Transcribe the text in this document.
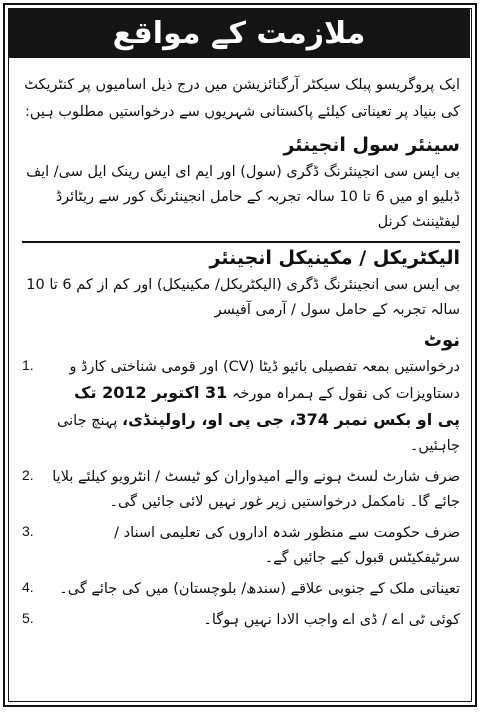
ملازمت کے مواقع

ایک پروگریسو پبلک سیکٹر آرگنائزیشن میں درج ذیل اسامیوں پر کنٹریکٹ کی بنیاد پر تعیناتی کیلئے پاکستانی شہریوں سے درخواستیں مطلوب ہیں:

سینئر سول انجینئر

بی ایس سی انجینئرنگ ڈگری (سول) اور ایم ای ایس رینک ایل سی/ ایف ڈبلیو او میں 6 تا 10 سالہ تجربہ کے حامل انجینئرنگ کور سے ریٹائرڈ لیفٹیننٹ کرنل

الیکٹریکل / مکینیکل انجینئر

بی ایس سی انجینئرنگ ڈگری (الیکٹریکل/ مکینیکل) اور کم از کم 6 تا 10 سالہ تجربہ کے حامل سول / آرمی آفیسر

نوٹ
1.	درخواستیں بمعہ تفصیلی بائیو ڈیٹا (CV) اور قومی شناختی کارڈ و دستاویزات کی نقول کے ہمراہ مورخہ 31 اکتوبر 2012 تک پی او بکس نمبر 374، جی پی او، راولپنڈی، پہنچ جانی چاہئیں۔
2.	صرف شارٹ لسٹ ہونے والے امیدواران کو ٹیسٹ / انٹرویو کیلئے بلایا جائے گا۔ نامکمل درخواستیں زیر غور نہیں لائی جائیں گی۔
3.	صرف حکومت سے منظور شدہ اداروں کی تعلیمی اسناد / سرٹیفکیٹس قبول کیے جائیں گے۔
4.	تعیناتی ملک کے جنوبی علاقے (سندھ/ بلوچستان) میں کی جائے گی۔
5.	کوئی ٹی اے / ڈی اے واجب الادا نہیں ہوگا۔
